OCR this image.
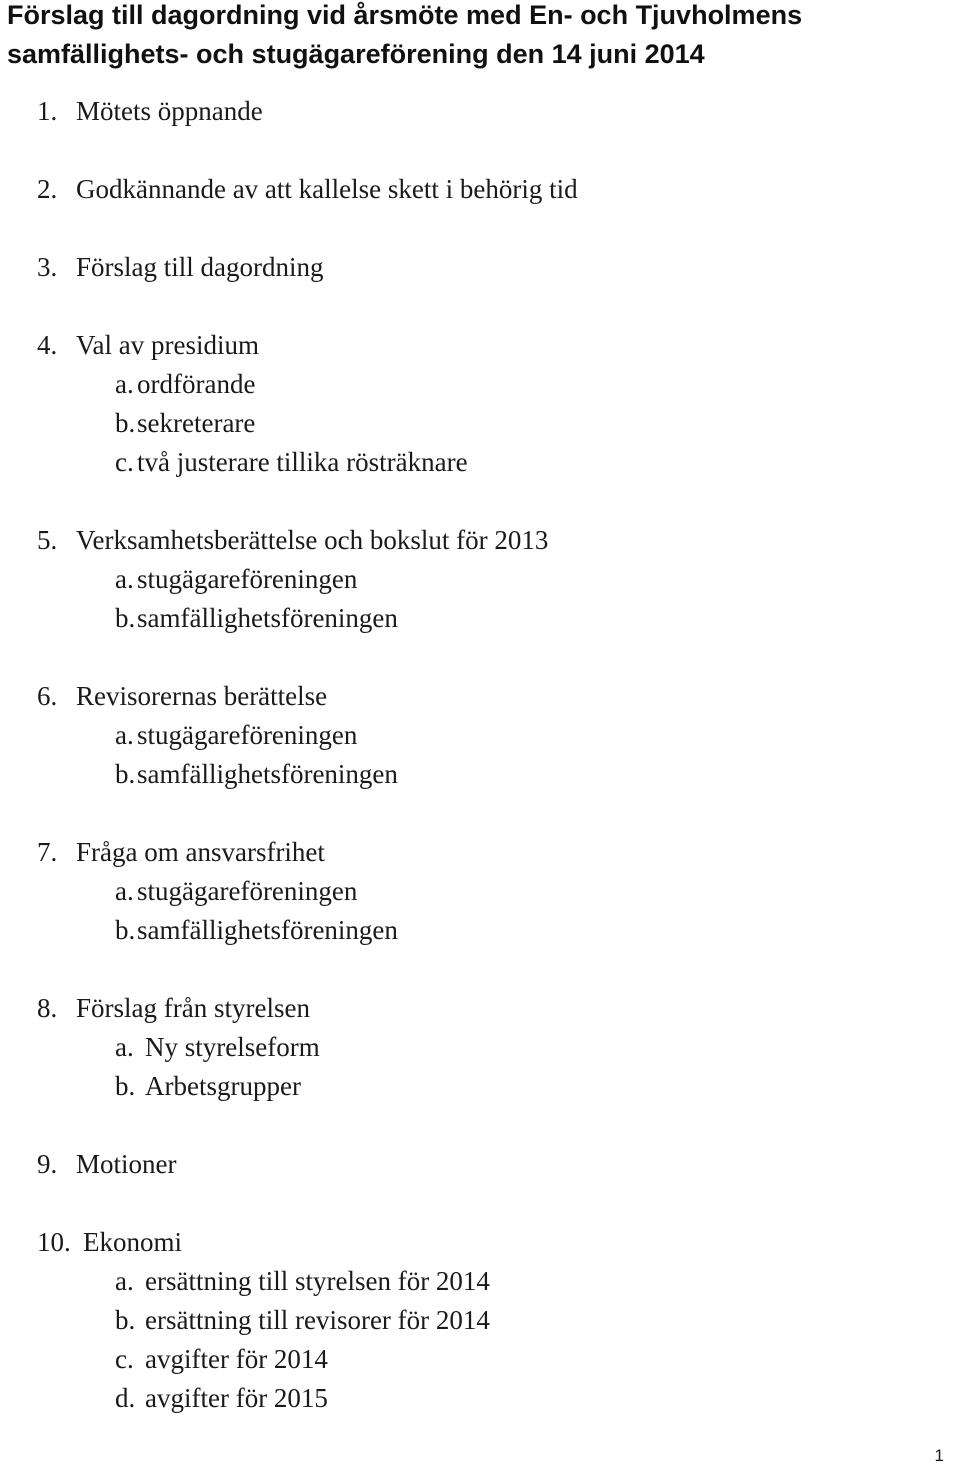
Förslag till dagordning vid årsmöte med En- och Tjuvholmens
samfällighets- och stugägareförening den 14 juni 2014
1. Mötets öppnande
2. Godkännande av att kallelse skett i behörig tid
3. Förslag till dagordning
4. Val av presidium
a. ordförande
b. sekreterare
c. två justerare tillika rösträknare
5. Verksamhetsberättelse och bokslut för 2013
a. stugägareföreningen
b. samfällighetsföreningen
6. Revisorernas berättelse
a. stugägareföreningen
b. samfällighetsföreningen
7. Fråga om ansvarsfrihet
a. stugägareföreningen
b. samfällighetsföreningen
8. Förslag från styrelsen
a. Ny styrelseform
b. Arbetsgrupper
9. Motioner
10. Ekonomi
a. ersättning till styrelsen för 2014
b. ersättning till revisorer för 2014
c. avgifter för 2014
d. avgifter för 2015
1
